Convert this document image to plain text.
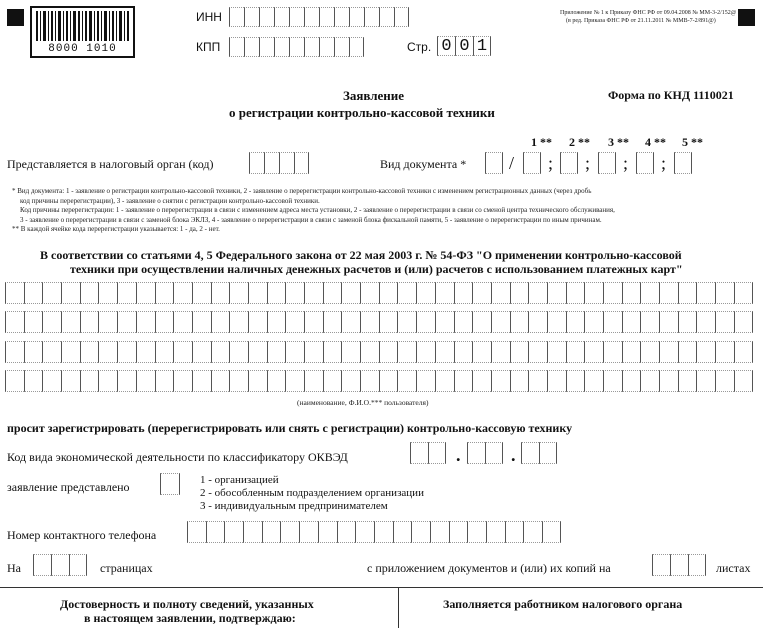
8000 1010
ИНН
КПП	Стр. 0 0 1
Приложение № 1 к Приказу ФНС РФ от 09.04.2008 № ММ-3-2/152@
(в ред. Приказа ФНС РФ от 21.11.2011 № ММВ-7-2/891@)
Заявление
о регистрации контрольно-кассовой техники
Форма по КНД 1110021
1 ** 2 ** 3 ** 4 ** 5 **
Представляется в налоговый орган (код)	Вид документа * / ; ; ; ;
* Вид документа: 1 - заявление о регистрации контрольно-кассовой техники, 2 - заявление о перерегистрации контрольно-кассовой техники с изменением регистрационных данных (через дробь
код причины перерегистрации), 3 - заявление о снятии с регистрации контрольно-кассовой техники.
Код причины перерегистрации: 1 - заявление о перерегистрации в связи с изменением адреса места установки, 2 - заявление о перерегистрации в связи со сменой центра технического обслуживания,
3 - заявление о перерегистрации в связи с заменой блока ЭКЛЗ, 4 - заявление о перерегистрации в связи с заменой блока фискальной памяти, 5 - заявление о перерегистрации по иным причинам.
** В каждой ячейке кода перерегистрации указывается: 1 - да, 2 - нет.
В соответствии со статьями 4, 5 Федерального закона от 22 мая 2003 г. № 54-ФЗ "О применении контрольно-кассовой
техники при осуществлении наличных денежных расчетов и (или) расчетов с использованием платежных карт"
(наименование, Ф.И.О.*** пользователя)
просит зарегистрировать (перерегистрировать или снять с регистрации) контрольно-кассовую технику
Код вида экономической деятельности по классификатору ОКВЭД	.	.
заявление представлено	1 - организацией
2 - обособленным подразделением организации
3 - индивидуальным предпринимателем
Номер контактного телефона
На	страницах	с приложением документов и (или) их копий на	листах
Достоверность и полноту сведений, указанных
в настоящем заявлении, подтверждаю:
Заполняется работником налогового органа
